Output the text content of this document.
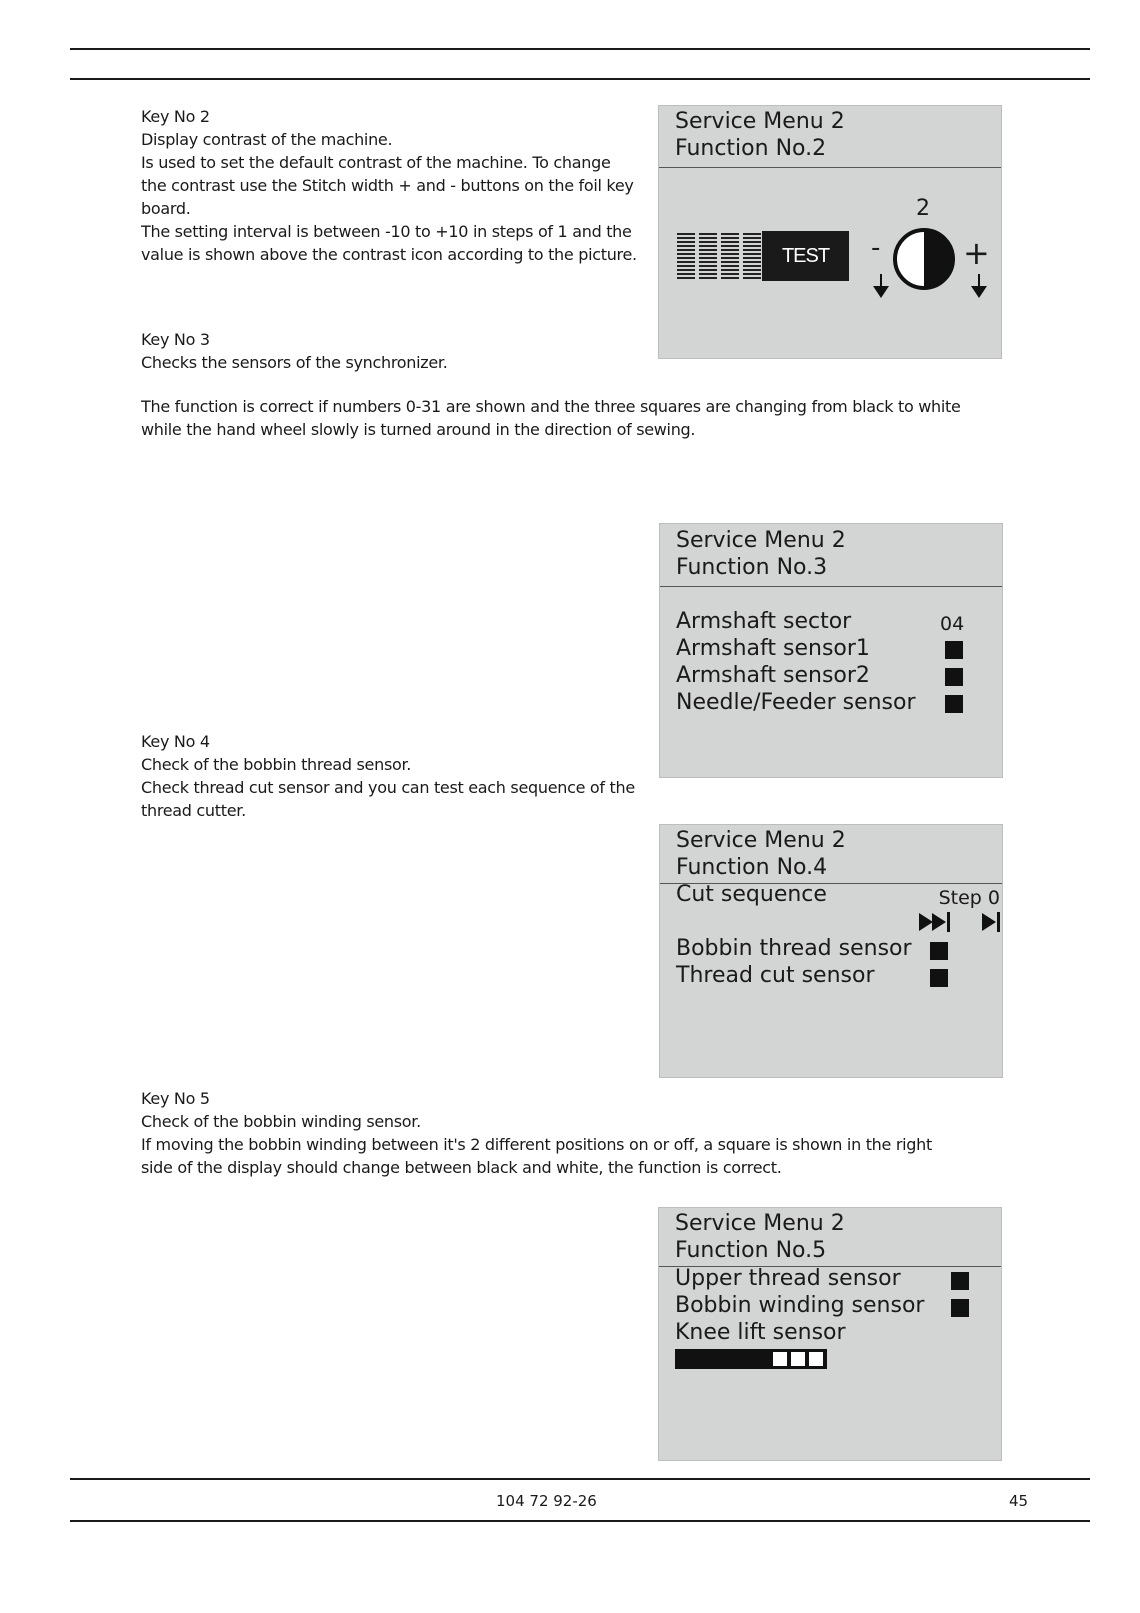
Key No 2

Display contrast of the machine.

Is used to set the default contrast of the machine. To change

the contrast use the Stitch width + and - buttons on the foil key

board.

The setting interval is between -10 to +10 in steps of 1 and the

value is shown above the contrast icon according to the picture.

Service Menu 2
Function No.2
TEST
2
-	+

Key No 3

Checks the sensors of the synchronizer.

The function is correct if numbers 0-31 are shown and the three squares are changing from black to white

while the hand wheel slowly is turned around in the direction of sewing.

Service Menu 2
Function No.3
Armshaft sector	04
Armshaft sensor1
Armshaft sensor2
Needle/Feeder sensor

Key No 4

Check of the bobbin thread sensor.

Check thread cut sensor and you can test each sequence of the

thread cutter.

Service Menu 2
Function No.4
Cut sequence	Step 0
Bobbin thread sensor
Thread cut sensor

Key No 5

Check of the bobbin winding sensor.

If moving the bobbin winding between it's 2 different positions on or off, a square is shown in the right

side of the display should change between black and white, the function is correct.

Service Menu 2
Function No.5
Upper thread sensor
Bobbin winding sensor
Knee lift sensor
104 72 92-26	45
